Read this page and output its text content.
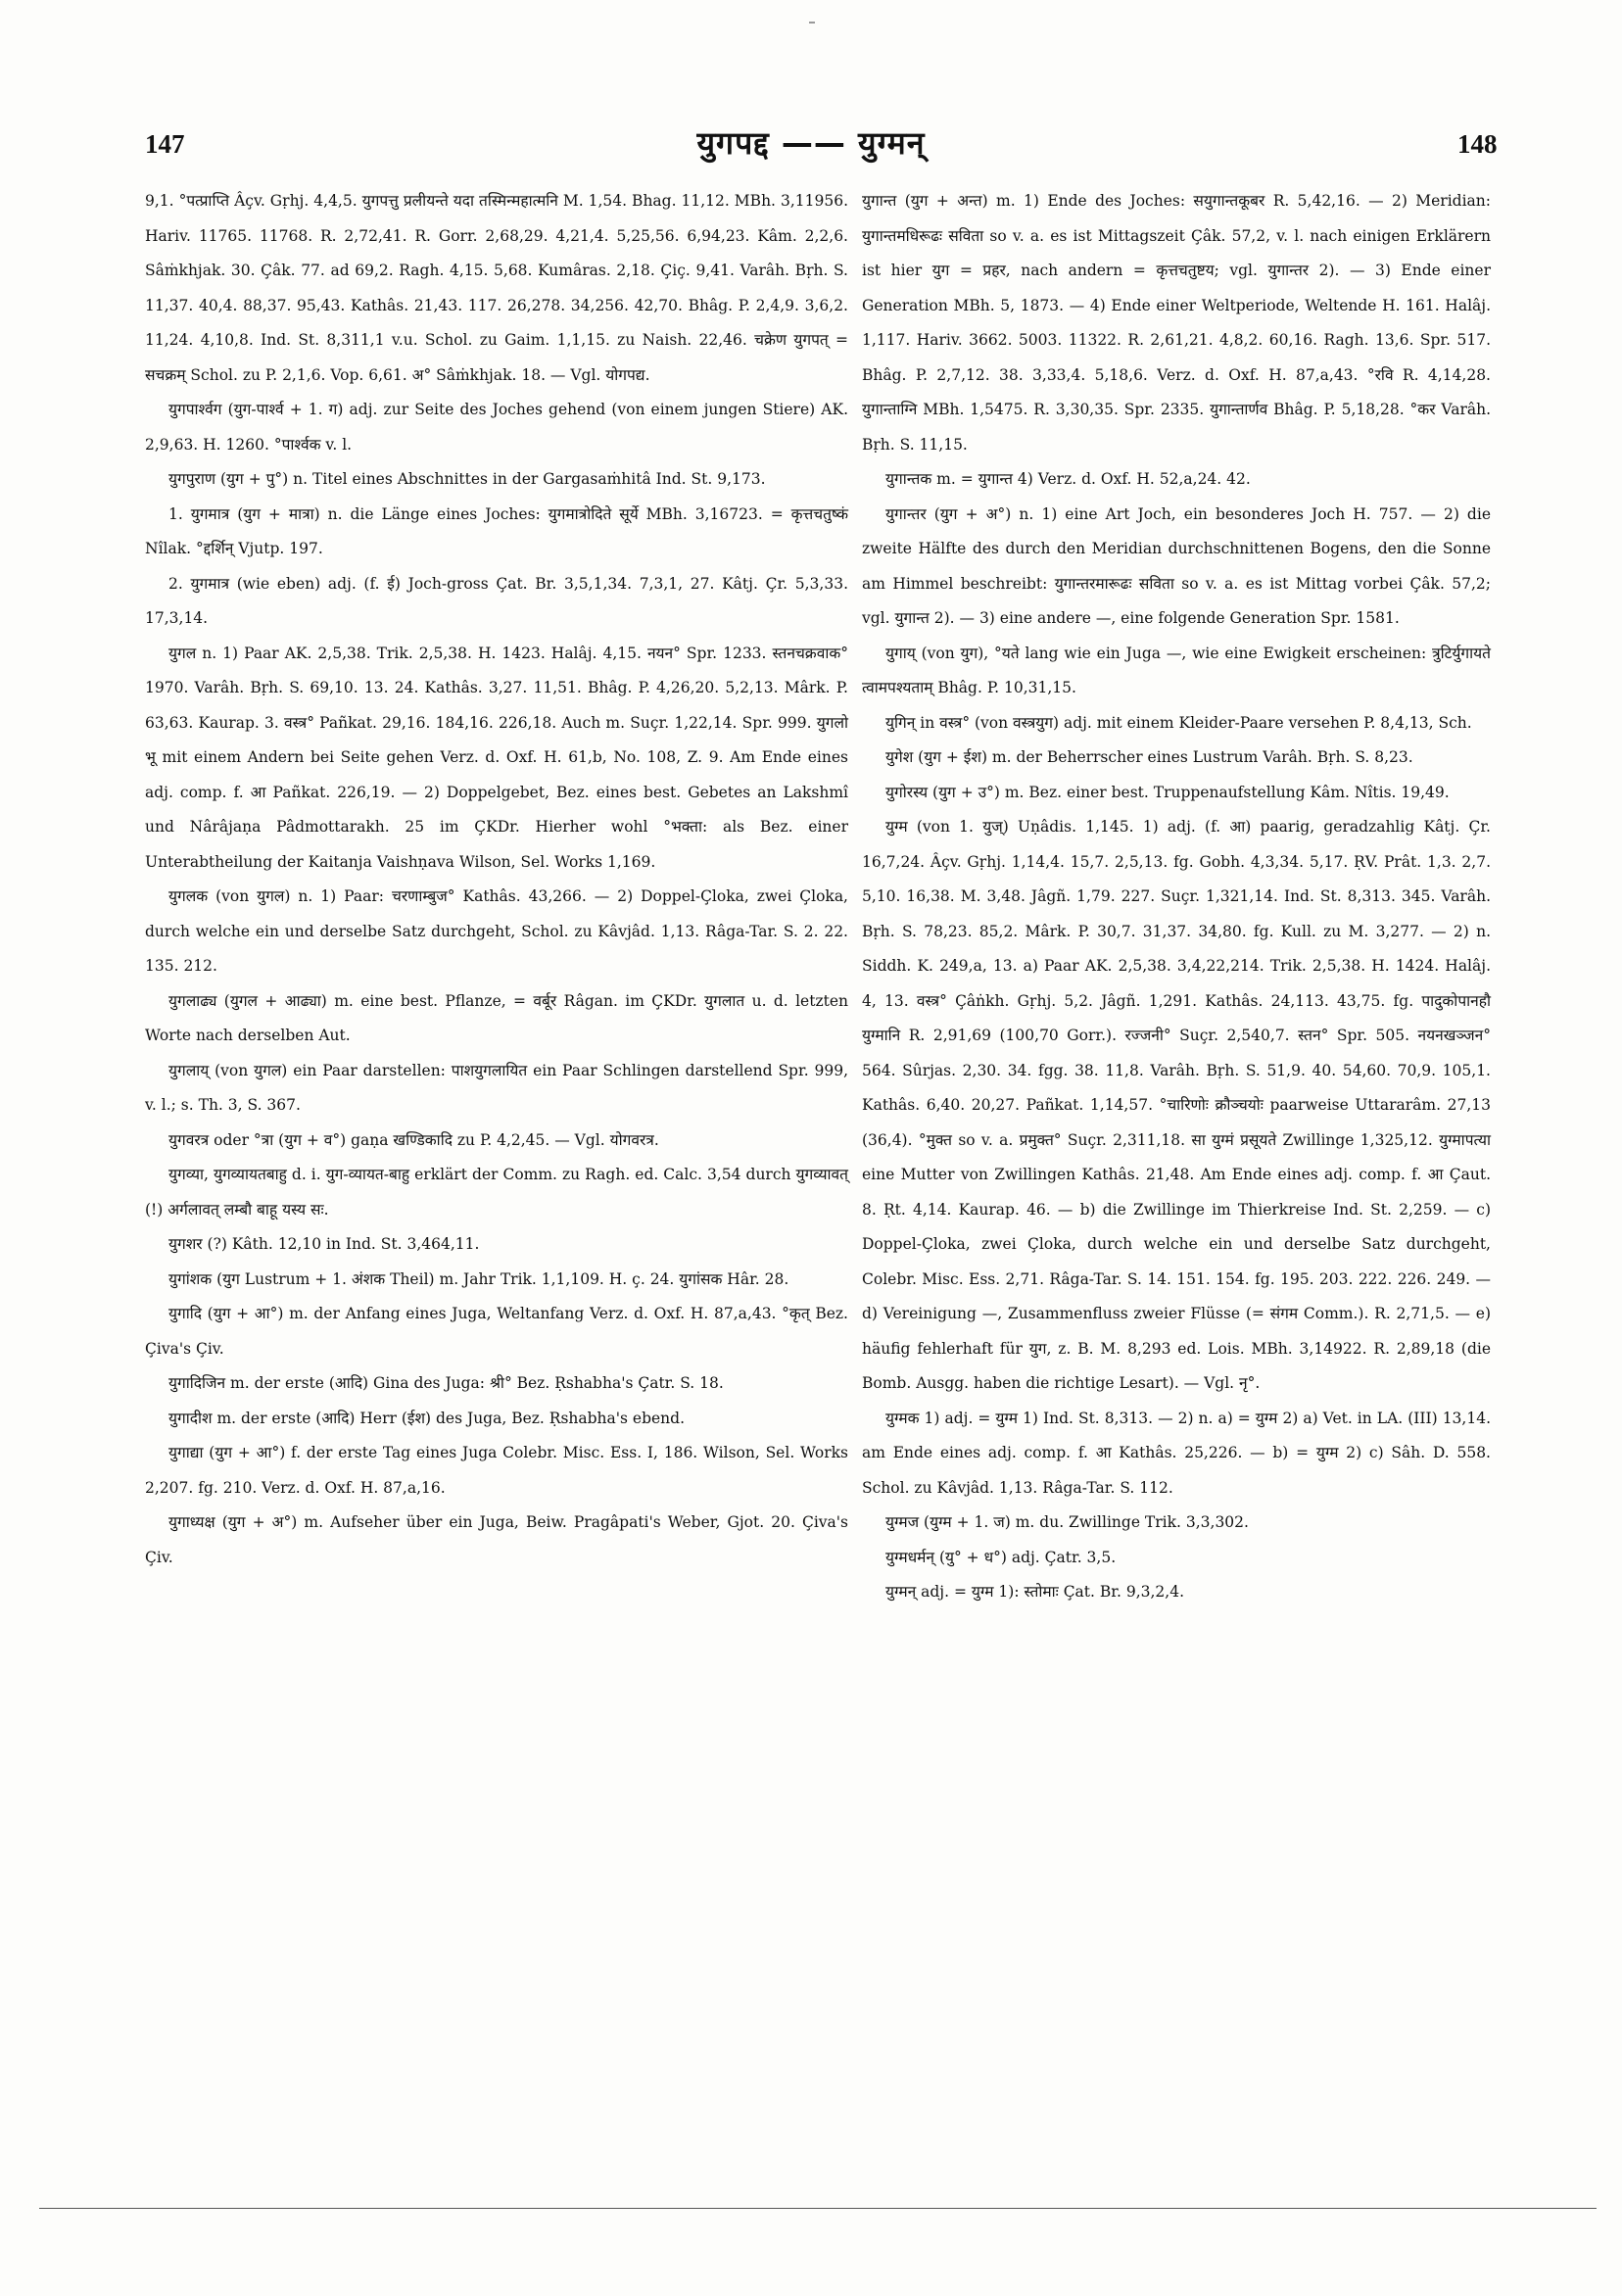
147	युगपद्द —— युग्मन्	148

9,1. °पत्प्राप्ति Âçv. Gṛhj. 4,4,5. युगपत्तु प्रलीयन्ते यदा तस्मिन्महात्मनि M. 1,54. Bhag. 11,12. MBh. 3,11956. Hariv. 11765. 11768. R. 2,72,41. R. Gorr. 2,68,29. 4,21,4. 5,25,56. 6,94,23. Kâm. 2,2,6. Sâṁkhjak. 30. Çâk. 77. ad 69,2. Ragh. 4,15. 5,68. Kumâras. 2,18. Çiç. 9,41. Varâh. Bṛh. S. 11,37. 40,4. 88,37. 95,43. Kathâs. 21,43. 117. 26,278. 34,256. 42,70. Bhâg. P. 2,4,9. 3,6,2. 11,24. 4,10,8. Ind. St. 8,311,1 v.u. Schol. zu Gaim. 1,1,15. zu Naish. 22,46. चक्रेण युगपत् = सचक्रम् Schol. zu P. 2,1,6. Vop. 6,61. अ° Sâṁkhjak. 18. — Vgl. योगपद्य.

युगपार्श्वग (युग-पार्श्व + 1. ग) adj. zur Seite des Joches gehend (von einem jungen Stiere) AK. 2,9,63. H. 1260. °पार्श्वक v. l.

युगपुराण (युग + पु°) n. Titel eines Abschnittes in der Gargasaṁhitâ Ind. St. 9,173.

1. युगमात्र (युग + मात्रा) n. die Länge eines Joches: युगमात्रोदिते सूर्ये MBh. 3,16723. = कृत्तचतुष्कं Nîlak. °द्दर्शिन् Vjutp. 197.

2. युगमात्र (wie eben) adj. (f. ई) Joch-gross Çat. Br. 3,5,1,34. 7,3,1, 27. Kâtj. Çr. 5,3,33. 17,3,14.

युगल n. 1) Paar AK. 2,5,38. Trik. 2,5,38. H. 1423. Halâj. 4,15. नयन° Spr. 1233. स्तनचक्रवाक° 1970. Varâh. Bṛh. S. 69,10. 13. 24. Kathâs. 3,27. 11,51. Bhâg. P. 4,26,20. 5,2,13. Mârk. P. 63,63. Kaurap. 3. वस्त्र° Pañkat. 29,16. 184,16. 226,18. Auch m. Suçr. 1,22,14. Spr. 999. युगलो भू mit einem Andern bei Seite gehen Verz. d. Oxf. H. 61,b, No. 108, Z. 9. Am Ende eines adj. comp. f. आ Pañkat. 226,19. — 2) Doppelgebet, Bez. eines best. Gebetes an Lakshmî und Nârâjaṇa Pâdmottarakh. 25 im ÇKDr. Hierher wohl °भक्ता: als Bez. einer Unterabtheilung der Kaitanja Vaishṇava Wilson, Sel. Works 1,169.

युगलक (von युगल) n. 1) Paar: चरणाम्बुज° Kathâs. 43,266. — 2) Doppel-Çloka, zwei Çloka, durch welche ein und derselbe Satz durchgeht, Schol. zu Kâvjâd. 1,13. Râga-Tar. S. 2. 22. 135. 212.

युगलाढ्य (युगल + आढ्या) m. eine best. Pflanze, = वर्बूर Râgan. im ÇKDr. युगलात u. d. letzten Worte nach derselben Aut.

युगलाय् (von युगल) ein Paar darstellen: पाशयुगलायित ein Paar Schlingen darstellend Spr. 999, v. l.; s. Th. 3, S. 367.

युगवरत्र oder °त्रा (युग + व°) gaṇa खण्डिकादि zu P. 4,2,45. — Vgl. योगवरत्र.

युगव्या, युगव्यायतबाहु d. i. युग-व्यायत-बाहु erklärt der Comm. zu Ragh. ed. Calc. 3,54 durch युगव्यावत् (!) अर्गलावत् लम्बौ बाहू यस्य सः.

युगशर (?) Kâth. 12,10 in Ind. St. 3,464,11.

युगांशक (युग Lustrum + 1. अंशक Theil) m. Jahr Trik. 1,1,109. H. ç. 24. युगांसक Hâr. 28.

युगादि (युग + आ°) m. der Anfang eines Juga, Weltanfang Verz. d. Oxf. H. 87,a,43. °कृत् Bez. Çiva's Çiv.

युगादिजिन m. der erste (आदि) Gina des Juga: श्री° Bez. Ṛshabha's Çatr. S. 18.

युगादीश m. der erste (आदि) Herr (ईश) des Juga, Bez. Ṛshabha's ebend.

युगाद्या (युग + आ°) f. der erste Tag eines Juga Colebr. Misc. Ess. I, 186. Wilson, Sel. Works 2,207. fg. 210. Verz. d. Oxf. H. 87,a,16.

युगाध्यक्ष (युग + अ°) m. Aufseher über ein Juga, Beiw. Pragâpati's Weber, Gjot. 20. Çiva's Çiv.

युगान्त (युग + अन्त) m. 1) Ende des Joches: सयुगान्तकूबर R. 5,42,16. — 2) Meridian: युगान्तमधिरूढः सविता so v. a. es ist Mittagszeit Çâk. 57,2, v. l. nach einigen Erklärern ist hier युग = प्रहर, nach andern = कृत्तचतुष्टय; vgl. युगान्तर 2). — 3) Ende einer Generation MBh. 5, 1873. — 4) Ende einer Weltperiode, Weltende H. 161. Halâj. 1,117. Hariv. 3662. 5003. 11322. R. 2,61,21. 4,8,2. 60,16. Ragh. 13,6. Spr. 517. Bhâg. P. 2,7,12. 38. 3,33,4. 5,18,6. Verz. d. Oxf. H. 87,a,43. °रवि R. 4,14,28. युगान्ताग्नि MBh. 1,5475. R. 3,30,35. Spr. 2335. युगान्तार्णव Bhâg. P. 5,18,28. °कर Varâh. Bṛh. S. 11,15.

युगान्तक m. = युगान्त 4) Verz. d. Oxf. H. 52,a,24. 42.

युगान्तर (युग + अ°) n. 1) eine Art Joch, ein besonderes Joch H. 757. — 2) die zweite Hälfte des durch den Meridian durchschnittenen Bogens, den die Sonne am Himmel beschreibt: युगान्तरमारूढः सविता so v. a. es ist Mittag vorbei Çâk. 57,2; vgl. युगान्त 2). — 3) eine andere —, eine folgende Generation Spr. 1581.

युगाय् (von युग), °यते lang wie ein Juga —, wie eine Ewigkeit erscheinen: त्रुटिर्युगायते त्वामपश्यताम् Bhâg. P. 10,31,15.

युगिन् in वस्त्र° (von वस्त्रयुग) adj. mit einem Kleider-Paare versehen P. 8,4,13, Sch.

युगेश (युग + ईश) m. der Beherrscher eines Lustrum Varâh. Bṛh. S. 8,23.

युगोरस्य (युग + उ°) m. Bez. einer best. Truppenaufstellung Kâm. Nîtis. 19,49.

युग्म (von 1. युज्) Uṇâdis. 1,145. 1) adj. (f. आ) paarig, geradzahlig Kâtj. Çr. 16,7,24. Âçv. Gṛhj. 1,14,4. 15,7. 2,5,13. fg. Gobh. 4,3,34. 5,17. ṚV. Prât. 1,3. 2,7. 5,10. 16,38. M. 3,48. Jâgñ. 1,79. 227. Suçr. 1,321,14. Ind. St. 8,313. 345. Varâh. Bṛh. S. 78,23. 85,2. Mârk. P. 30,7. 31,37. 34,80. fg. Kull. zu M. 3,277. — 2) n. Siddh. K. 249,a, 13. a) Paar AK. 2,5,38. 3,4,22,214. Trik. 2,5,38. H. 1424. Halâj. 4, 13. वस्त्र° Çâṅkh. Gṛhj. 5,2. Jâgñ. 1,291. Kathâs. 24,113. 43,75. fg. पादुकोपानहौ युग्मानि R. 2,91,69 (100,70 Gorr.). रज्जनी° Suçr. 2,540,7. स्तन° Spr. 505. नयनखञ्जन° 564. Sûrjas. 2,30. 34. fgg. 38. 11,8. Varâh. Bṛh. S. 51,9. 40. 54,60. 70,9. 105,1. Kathâs. 6,40. 20,27. Pañkat. 1,14,57. °चारिणोः क्रौञ्चयोः paarweise Uttararâm. 27,13 (36,4). °मुक्त so v. a. प्रमुक्त° Suçr. 2,311,18. सा युग्मं प्रसूयते Zwillinge 1,325,12. युग्मापत्या eine Mutter von Zwillingen Kathâs. 21,48. Am Ende eines adj. comp. f. आ Çaut. 8. Ṛt. 4,14. Kaurap. 46. — b) die Zwillinge im Thierkreise Ind. St. 2,259. — c) Doppel-Çloka, zwei Çloka, durch welche ein und derselbe Satz durchgeht, Colebr. Misc. Ess. 2,71. Râga-Tar. S. 14. 151. 154. fg. 195. 203. 222. 226. 249. — d) Vereinigung —, Zusammenfluss zweier Flüsse (= संगम Comm.). R. 2,71,5. — e) häufig fehlerhaft für युग, z. B. M. 8,293 ed. Lois. MBh. 3,14922. R. 2,89,18 (die Bomb. Ausgg. haben die richtige Lesart). — Vgl. नृ°.

युग्मक 1) adj. = युग्म 1) Ind. St. 8,313. — 2) n. a) = युग्म 2) a) Vet. in LA. (III) 13,14. am Ende eines adj. comp. f. आ Kathâs. 25,226. — b) = युग्म 2) c) Sâh. D. 558. Schol. zu Kâvjâd. 1,13. Râga-Tar. S. 112.

युग्मज (युग्म + 1. ज) m. du. Zwillinge Trik. 3,3,302.

युग्मधर्मन् (यु° + ध°) adj. Çatr. 3,5.

युग्मन् adj. = युग्म 1): स्तोमाः Çat. Br. 9,3,2,4.
